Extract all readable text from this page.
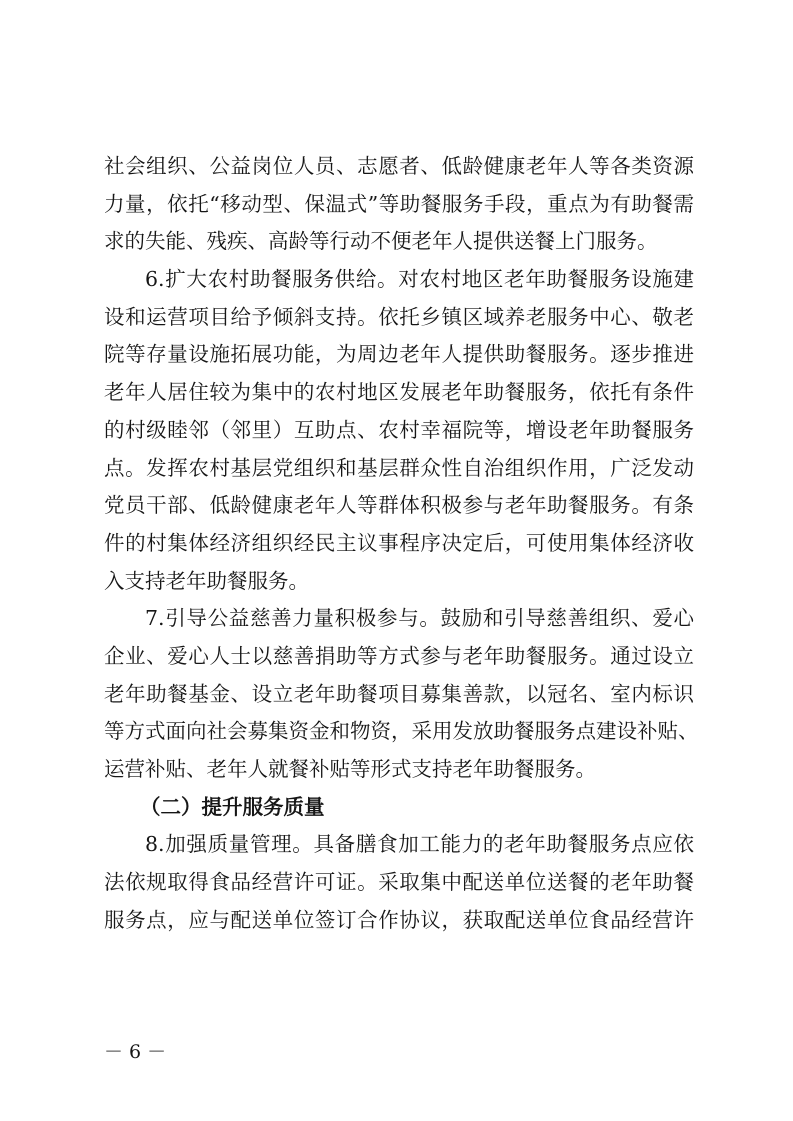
社会组织、公益岗位人员、志愿者、低龄健康老年人等各类资源
力量，依托“移动型、保温式”等助餐服务手段，重点为有助餐需
求的失能、残疾、高龄等行动不便老年人提供送餐上门服务。
6.扩大农村助餐服务供给。对农村地区老年助餐服务设施建
设和运营项目给予倾斜支持。依托乡镇区域养老服务中心、敬老
院等存量设施拓展功能，为周边老年人提供助餐服务。逐步推进
老年人居住较为集中的农村地区发展老年助餐服务，依托有条件
的村级睦邻（邻里）互助点、农村幸福院等，增设老年助餐服务
点。发挥农村基层党组织和基层群众性自治组织作用，广泛发动
党员干部、低龄健康老年人等群体积极参与老年助餐服务。有条
件的村集体经济组织经民主议事程序决定后，可使用集体经济收
入支持老年助餐服务。
7.引导公益慈善力量积极参与。鼓励和引导慈善组织、爱心
企业、爱心人士以慈善捐助等方式参与老年助餐服务。通过设立
老年助餐基金、设立老年助餐项目募集善款，以冠名、室内标识
等方式面向社会募集资金和物资，采用发放助餐服务点建设补贴、
运营补贴、老年人就餐补贴等形式支持老年助餐服务。
（二）提升服务质量
8.加强质量管理。具备膳食加工能力的老年助餐服务点应依
法依规取得食品经营许可证。采取集中配送单位送餐的老年助餐
服务点，应与配送单位签订合作协议，获取配送单位食品经营许
－ 6 －
